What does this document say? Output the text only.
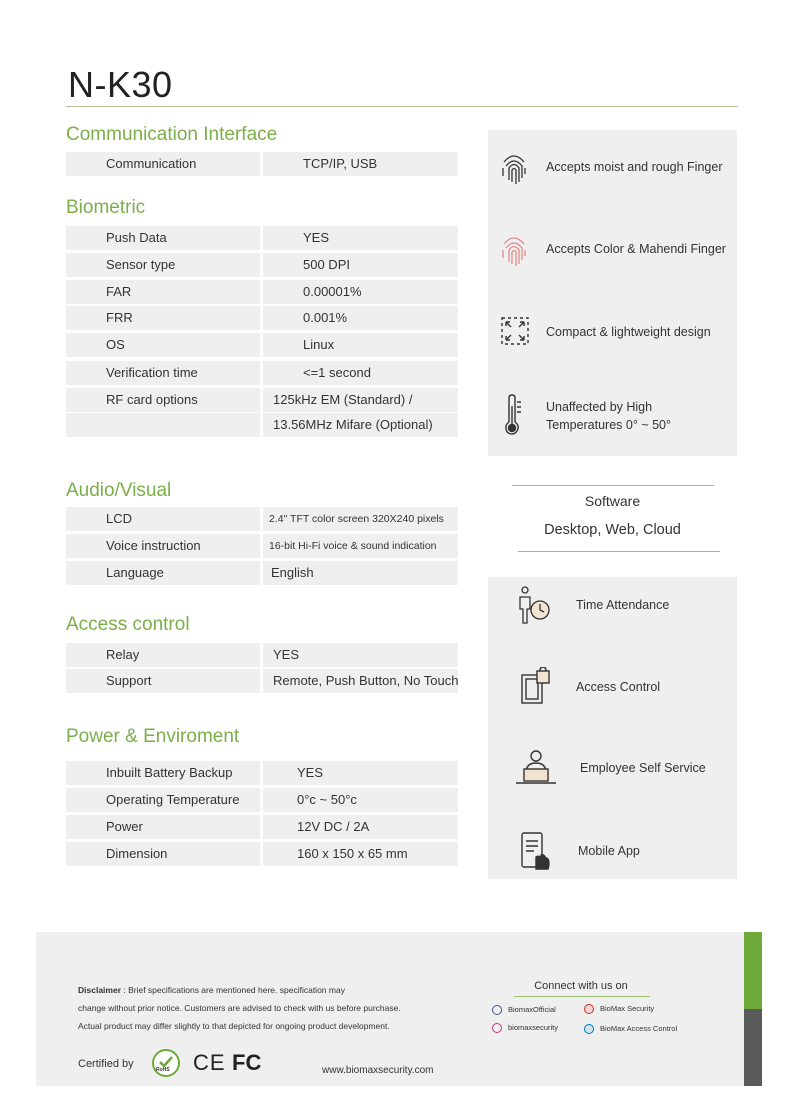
N-K30
Communication Interface
Communication	TCP/IP, USB
Biometric
Push Data	YES
Sensor type	500 DPI
FAR	0.00001%
FRR	0.001%
OS	Linux
Verification time	<=1 second
RF card options	125kHz EM (Standard) /
13.56MHz Mifare (Optional)
Audio/Visual
LCD	2.4" TFT color screen 320X240 pixels
Voice instruction	16-bit Hi-Fi voice & sound indication
Language	English
Access control
Relay	YES
Support	Remote, Push Button, No Touch
Power & Enviroment
Inbuilt Battery Backup	YES
Operating Temperature	0°c ~ 50°c
Power	12V DC / 2A
Dimension	160 x 150 x 65 mm
Accepts moist and rough Finger
Accepts Color & Mahendi Finger
Compact & lightweight design
Unaffected by High
Temperatures 0° ~ 50°
Software
Desktop, Web, Cloud
Time Attendance
Access Control
Employee Self Service
Mobile App
Disclaimer : Brief specifications are mentioned here. specification may
change without prior notice. Customers are advised to check with us before purchase.
Actual product may differ slightly to that depicted for ongoing product development.
Certified by	RoHS CE FC	www.biomaxsecurity.com
Connect with us on
BiomaxOfficial	BioMax Security
biomaxsecurity	BioMax Access Control
